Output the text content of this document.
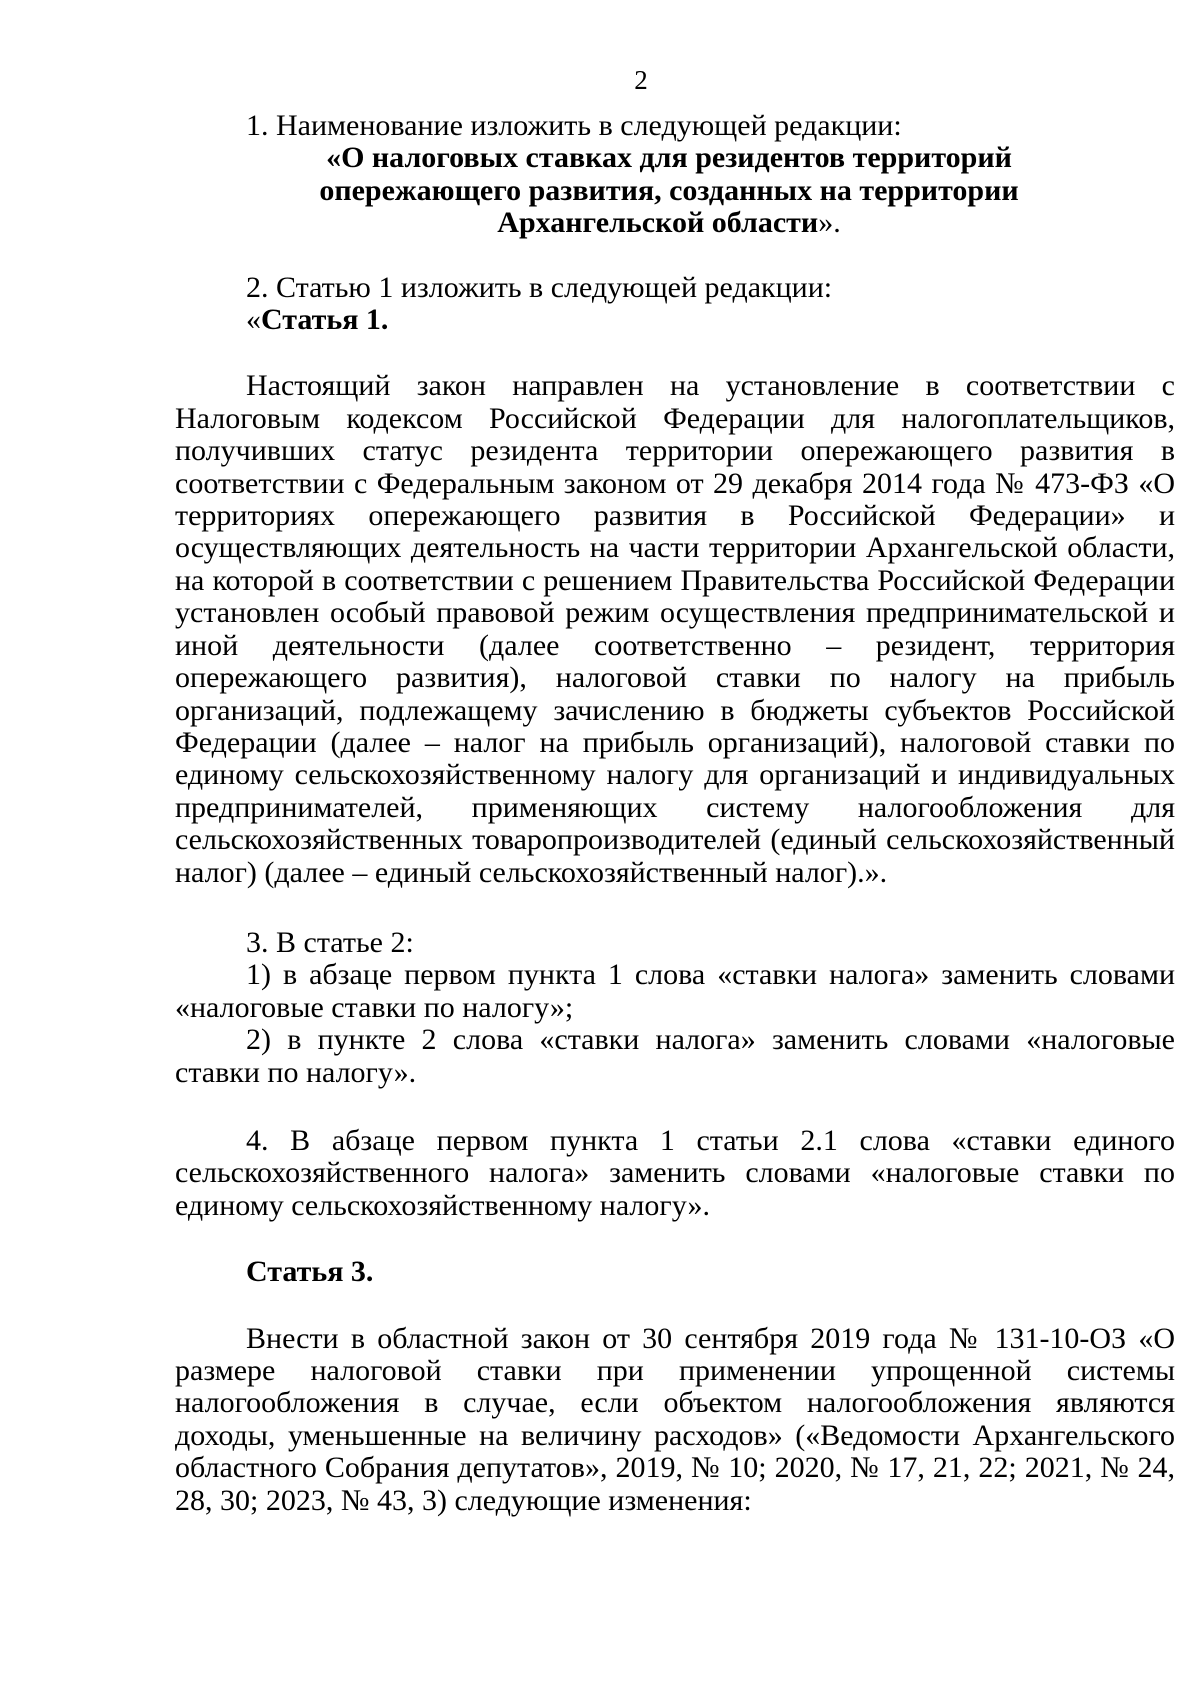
2

1. Наименование изложить в следующей редакции:

«О налоговых ставках для резидентов территорий опережающего развития, созданных на территории Архангельской области».

2. Статью 1 изложить в следующей редакции:

«Статья 1.

Настоящий закон направлен на установление в соответствии с Налоговым кодексом Российской Федерации для налогоплательщиков, получивших статус резидента территории опережающего развития в соответствии с Федеральным законом от 29 декабря 2014 года № 473-ФЗ «О территориях опережающего развития в Российской Федерации» и осуществляющих деятельность на части территории Архангельской области, на которой в соответствии с решением Правительства Российской Федерации установлен особый правовой режим осуществления предпринимательской и иной деятельности (далее соответственно – резидент, территория опережающего развития), налоговой ставки по налогу на прибыль организаций, подлежащему зачислению в бюджеты субъектов Российской Федерации (далее – налог на прибыль организаций), налоговой ставки по единому сельскохозяйственному налогу для организаций и индивидуальных предпринимателей, применяющих систему налогообложения для сельскохозяйственных товаропроизводителей (единый сельскохозяйственный налог) (далее – единый сельскохозяйственный налог).».

3. В статье 2:

1) в абзаце первом пункта 1 слова «ставки налога» заменить словами «налоговые ставки по налогу»;

2) в пункте 2 слова «ставки налога» заменить словами «налоговые ставки по налогу».

4. В абзаце первом пункта 1 статьи 2.1 слова «ставки единого сельскохозяйственного налога» заменить словами «налоговые ставки по единому сельскохозяйственному налогу».

Статья 3.

Внести в областной закон от 30 сентября 2019 года № 131-10-ОЗ «О размере налоговой ставки при применении упрощенной системы налогообложения в случае, если объектом налогообложения являются доходы, уменьшенные на величину расходов» («Ведомости Архангельского областного Собрания депутатов», 2019, № 10; 2020, № 17, 21, 22; 2021, № 24, 28, 30; 2023, № 43, 3) следующие изменения:
